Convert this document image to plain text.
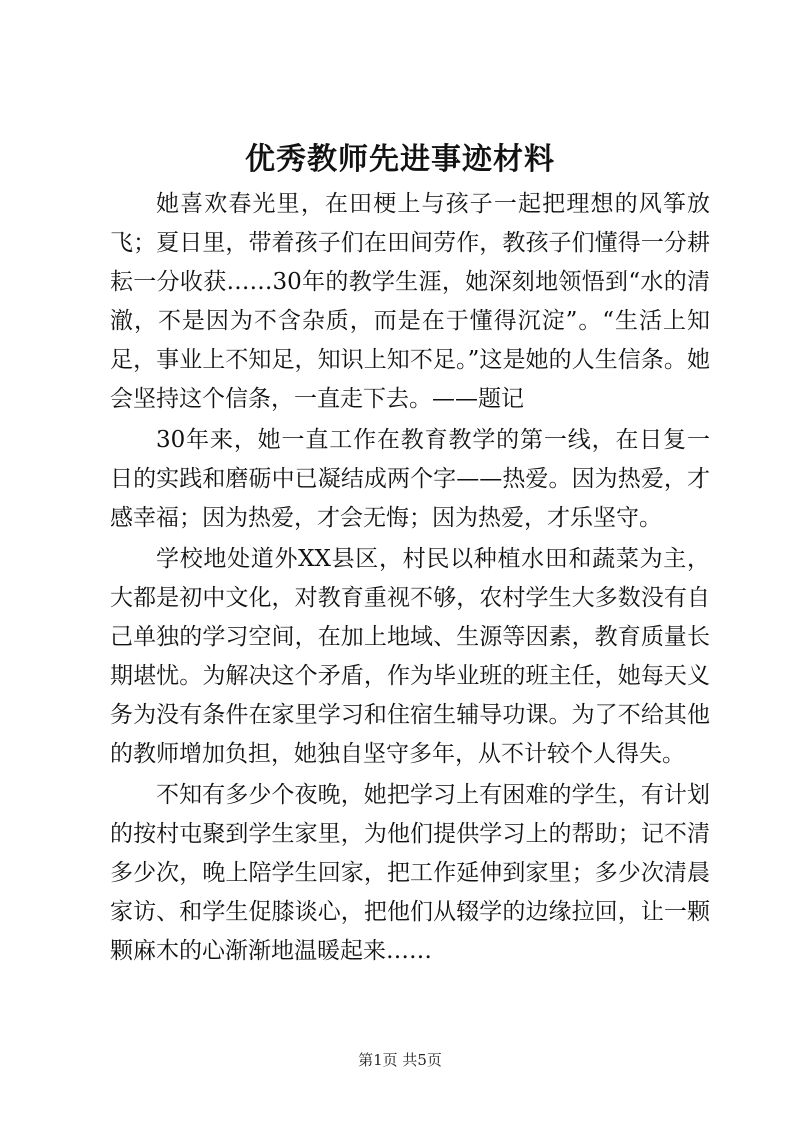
优秀教师先进事迹材料

她喜欢春光里，在田梗上与孩子一起把理想的风筝放飞；夏日里，带着孩子们在田间劳作，教孩子们懂得一分耕耘一分收获……30年的教学生涯，她深刻地领悟到“水的清澈，不是因为不含杂质，而是在于懂得沉淀”。“生活上知足，事业上不知足，知识上知不足。”这是她的人生信条。她会坚持这个信条，一直走下去。——题记

30年来，她一直工作在教育教学的第一线，在日复一日的实践和磨砺中已凝结成两个字——热爱。因为热爱，才感幸福；因为热爱，才会无悔；因为热爱，才乐坚守。

学校地处道外XX县区，村民以种植水田和蔬菜为主，大都是初中文化，对教育重视不够，农村学生大多数没有自己单独的学习空间，在加上地域、生源等因素，教育质量长期堪忧。为解决这个矛盾，作为毕业班的班主任，她每天义务为没有条件在家里学习和住宿生辅导功课。为了不给其他的教师增加负担，她独自坚守多年，从不计较个人得失。

不知有多少个夜晚，她把学习上有困难的学生，有计划的按村屯聚到学生家里，为他们提供学习上的帮助；记不清多少次，晚上陪学生回家，把工作延伸到家里；多少次清晨家访、和学生促膝谈心，把他们从辍学的边缘拉回，让一颗颗麻木的心渐渐地温暖起来……

第1页 共5页
